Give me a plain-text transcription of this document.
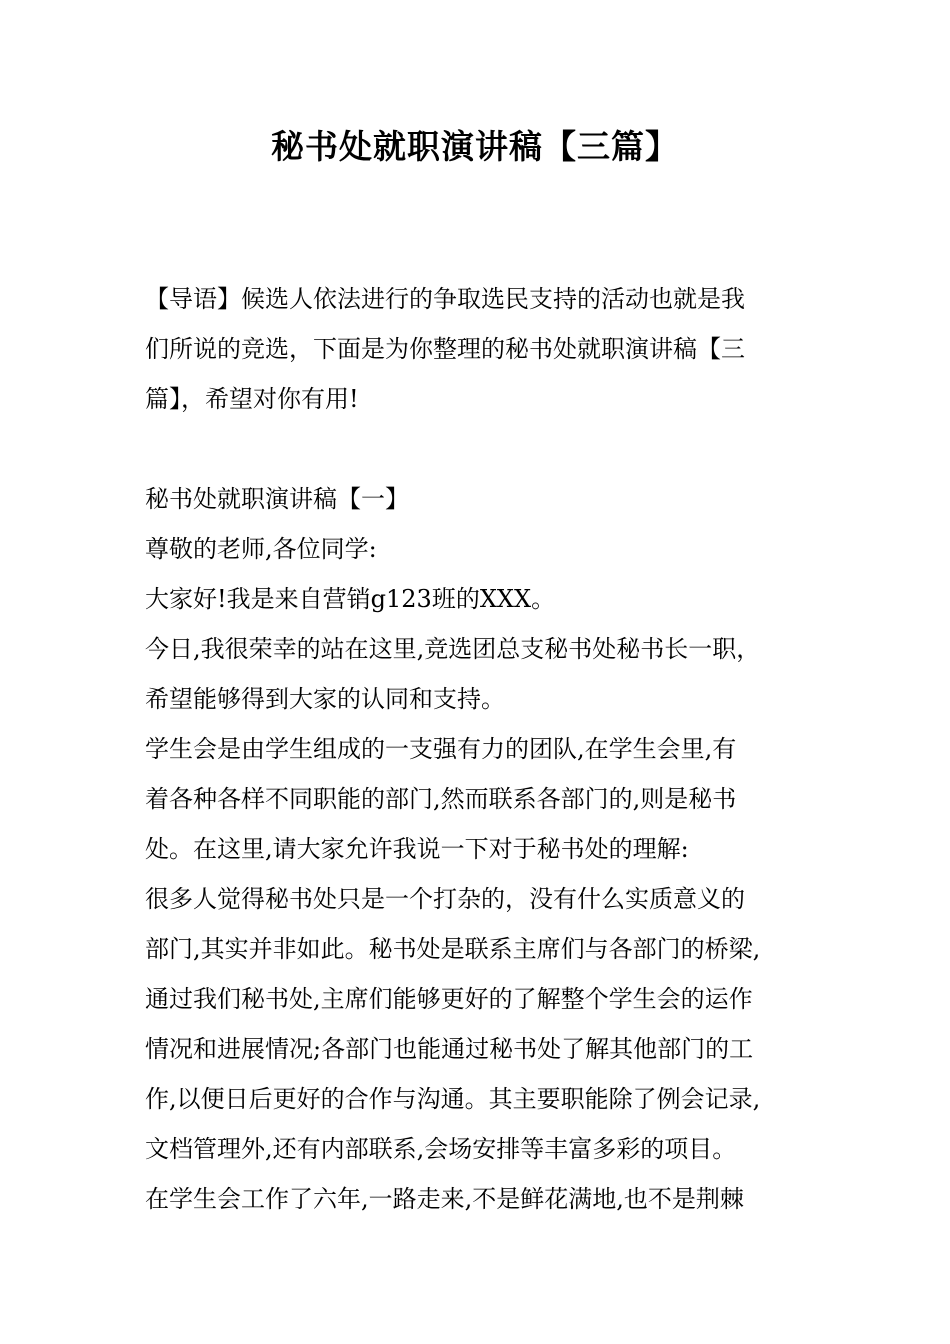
秘书处就职演讲稿【三篇】

【导语】候选人依法进行的争取选民支持的活动也就是我
们所说的竞选，下面是为你整理的秘书处就职演讲稿【三
篇】，希望对你有用!

秘书处就职演讲稿【一】

尊敬的老师,各位同学:

大家好!我是来自营销g123班的XXX。

今日,我很荣幸的站在这里,竞选团总支秘书处秘书长一职，
希望能够得到大家的认同和支持。

学生会是由学生组成的一支强有力的团队,在学生会里,有
着各种各样不同职能的部门,然而联系各部门的,则是秘书
处。在这里,请大家允许我说一下对于秘书处的理解:

很多人觉得秘书处只是一个打杂的，没有什么实质意义的
部门,其实并非如此。秘书处是联系主席们与各部门的桥梁,
通过我们秘书处,主席们能够更好的了解整个学生会的运作
情况和进展情况;各部门也能通过秘书处了解其他部门的工
作,以便日后更好的合作与沟通。其主要职能除了例会记录,
文档管理外,还有内部联系,会场安排等丰富多彩的项目。

在学生会工作了六年,一路走来,不是鲜花满地,也不是荆棘
